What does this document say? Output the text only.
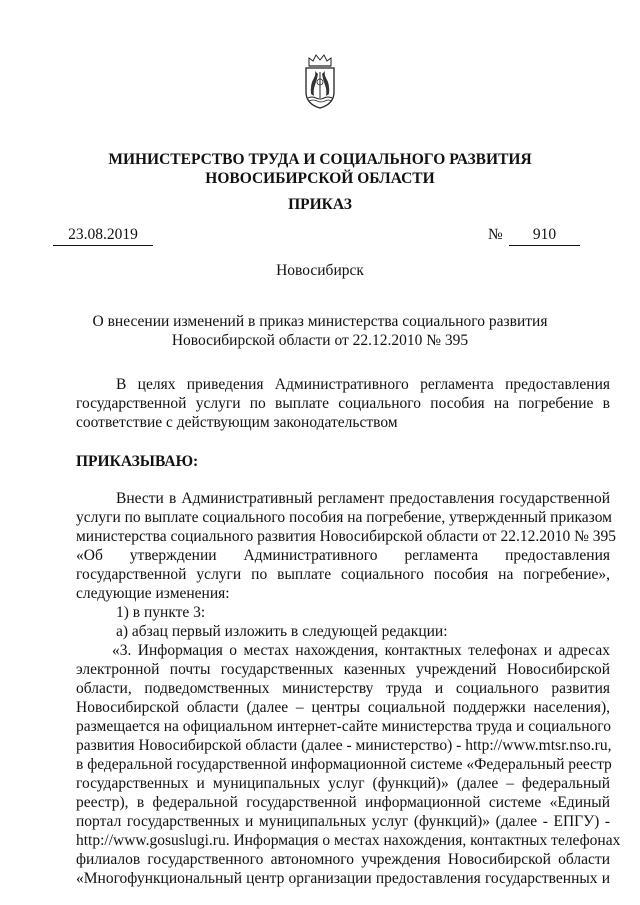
МИНИСТЕРСТВО ТРУДА И СОЦИАЛЬНОГО РАЗВИТИЯ
НОВОСИБИРСКОЙ ОБЛАСТИ
ПРИКАЗ
23.08.2019	№	910
Новосибирск
О внесении изменений в приказ министерства социального развития
Новосибирской области от 22.12.2010 № 395
В целях приведения Административного регламента предоставления
государственной услуги по выплате социального пособия на погребение в
соответствие с действующим законодательством
ПРИКАЗЫВАЮ:
Внести в Административный регламент предоставления государственной
услуги по выплате социального пособия на погребение, утвержденный приказом
министерства социального развития Новосибирской области от 22.12.2010 № 395
«Об утверждении Административного регламента предоставления
государственной услуги по выплате социального пособия на погребение»,
следующие изменения:
1) в пункте 3:
а) абзац первый изложить в следующей редакции:
«3. Информация о местах нахождения, контактных телефонах и адресах
электронной почты государственных казенных учреждений Новосибирской
области, подведомственных министерству труда и социального развития
Новосибирской области (далее – центры социальной поддержки населения),
размещается на официальном интернет-сайте министерства труда и социального
развития Новосибирской области (далее - министерство) - http://www.mtsr.nso.ru,
в федеральной государственной информационной системе «Федеральный реестр
государственных и муниципальных услуг (функций)» (далее – федеральный
реестр), в федеральной государственной информационной системе «Единый
портал государственных и муниципальных услуг (функций)» (далее - ЕПГУ) -
http://www.gosuslugi.ru. Информация о местах нахождения, контактных телефонах
филиалов государственного автономного учреждения Новосибирской области
«Многофункциональный центр организации предоставления государственных и
